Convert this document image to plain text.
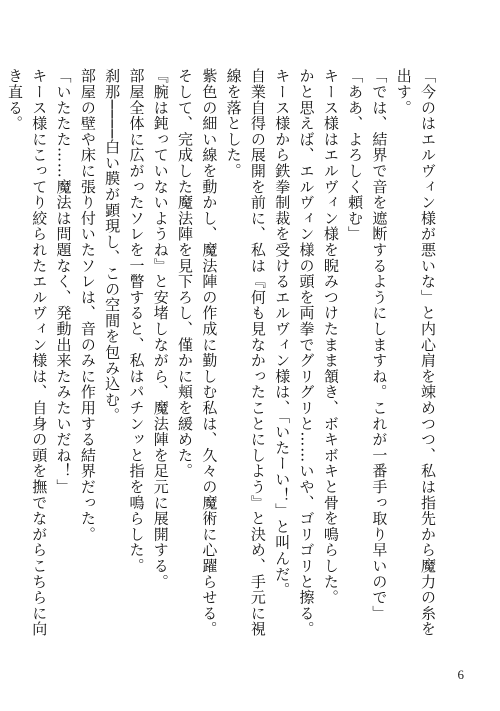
「今のはエルヴィン様が悪いな」と内心肩を竦めつつ、私は指先から魔力の糸を出す。

「では、結界で音を遮断するようにしますね。これが一番手っ取り早いので」

「ああ、よろしく頼む」

キース様はエルヴィン様を睨みつけたまま頷き、ボキボキと骨を鳴らした。

かと思えば、エルヴィン様の頭を両拳でグリグリと……いや、ゴリゴリと擦る。

キース様から鉄拳制裁を受けるエルヴィン様は、「いたーい！」と叫んだ。

自業自得の展開を前に、私は『何も見なかったことにしよう』と決め、手元に視線を落とした。

紫色の細い線を動かし、魔法陣の作成に勤しむ私は、久々の魔術に心躍らせる。

そして、完成した魔法陣を見下ろし、僅かに頬を緩めた。

『腕は鈍っていないようね』と安堵しながら、魔法陣を足元に展開する。

部屋全体に広がったソレを一瞥すると、私はパチンッと指を鳴らした。

刹那────白い膜が顕現し、この空間を包み込む。

部屋の壁や床に張り付いたソレは、音のみに作用する結界だった。

「いたたた……魔法は問題なく、発動出来たみたいだね！」

キース様にこってり絞られたエルヴィン様は、自身の頭を撫でながらこちらに向き直る。

6
